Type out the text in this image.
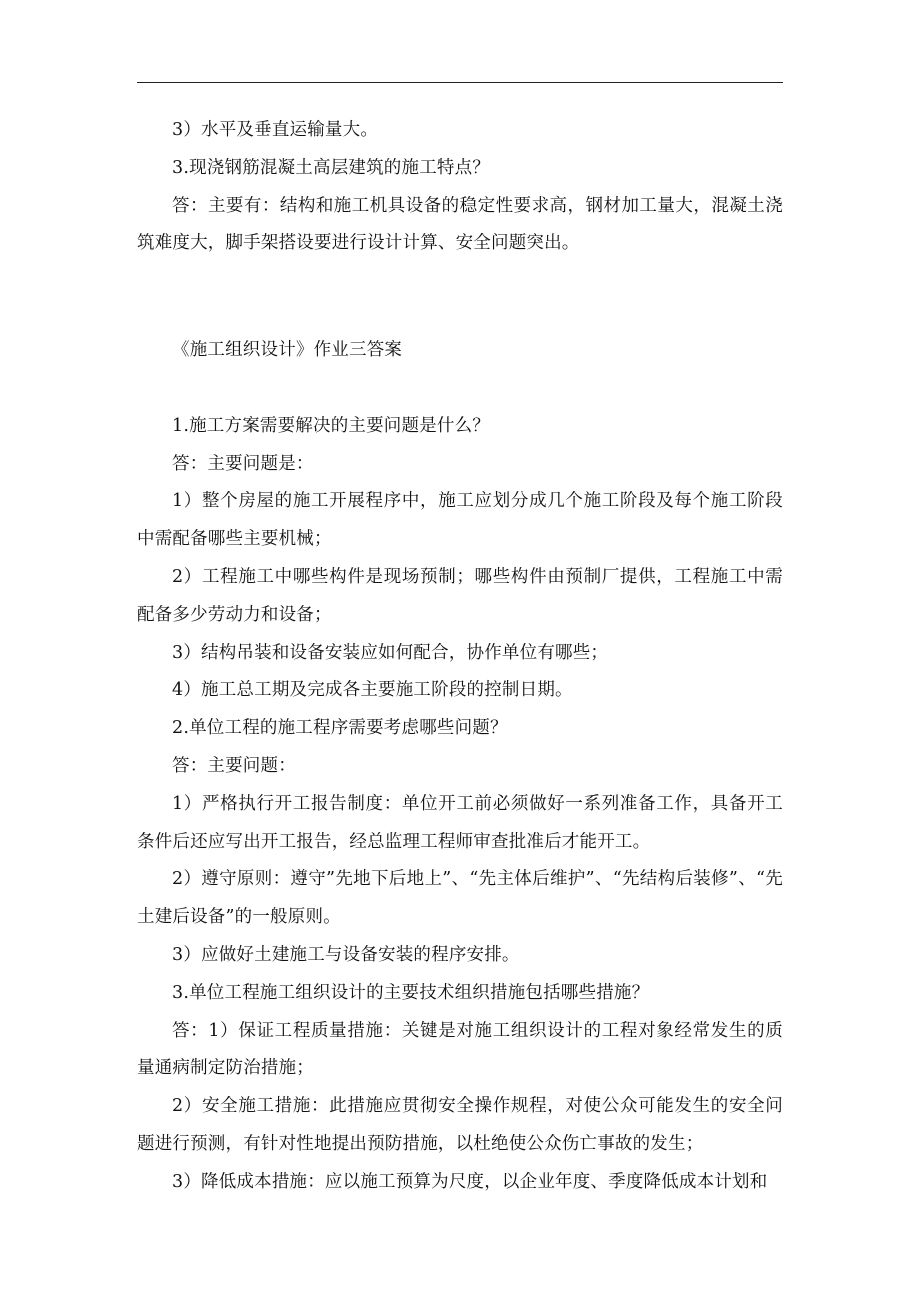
3）水平及垂直运输量大。

3.现浇钢筋混凝土高层建筑的施工特点？

答：主要有：结构和施工机具设备的稳定性要求高，钢材加工量大，混凝土浇筑难度大，脚手架搭设要进行设计计算、安全问题突出。

《施工组织设计》作业三答案

1.施工方案需要解决的主要问题是什么？

答：主要问题是：

1）整个房屋的施工开展程序中，施工应划分成几个施工阶段及每个施工阶段中需配备哪些主要机械；

2）工程施工中哪些构件是现场预制；哪些构件由预制厂提供，工程施工中需配备多少劳动力和设备；

3）结构吊装和设备安装应如何配合，协作单位有哪些；

4）施工总工期及完成各主要施工阶段的控制日期。

2.单位工程的施工程序需要考虑哪些问题？

答：主要问题：

1）严格执行开工报告制度：单位开工前必须做好一系列准备工作，具备开工条件后还应写出开工报告，经总监理工程师审查批准后才能开工。

2）遵守原则：遵守”先地下后地上”、“先主体后维护”、“先结构后装修”、“先土建后设备”的一般原则。

3）应做好土建施工与设备安装的程序安排。

3.单位工程施工组织设计的主要技术组织措施包括哪些措施？

答：1）保证工程质量措施：关键是对施工组织设计的工程对象经常发生的质量通病制定防治措施；

2）安全施工措施：此措施应贯彻安全操作规程，对使公众可能发生的安全问题进行预测，有针对性地提出预防措施，以杜绝使公众伤亡事故的发生；

3）降低成本措施：应以施工预算为尺度，以企业年度、季度降低成本计划和
